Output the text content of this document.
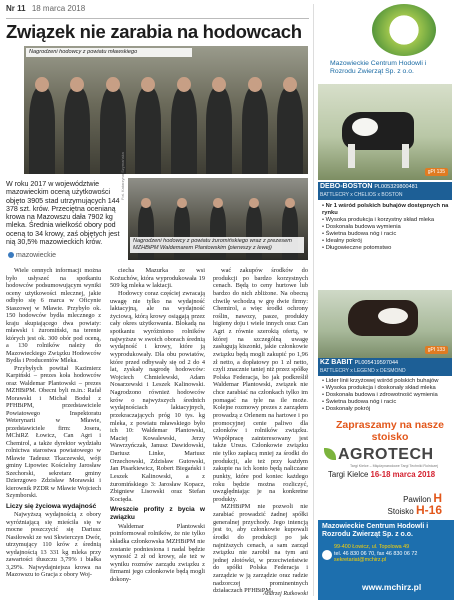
Nr 11 18 marca 2018
Związek nie zarabia na hodowcach
Nagrodzeni hodowcy z powiatu mławskiego
Nagrodzeni hodowcy z powiatu żuromińskiego wraz z prezesem MZHBiPM Waldemarem Plantowskim (pierwszy z lewej)
Fot. Katarzyna Szymańska
W roku 2017 w województwie mazowieckim oceną użytkowości objęto 3905 stad utrzymujących 144 378 szt. krów. Przeciętna ocenianą krowa na Mazowszu dała 7902 kg mleka. Średnia wielkość obory pod oceną to 34 krowy, zaś objętych jest nią 30,5% mazowieckich krów.
mazowieckie

Wiele cennych informacji można było usłyszeć na spotkaniu hodowców podsumowującym wyniki oceny użytkowości mlecznej, jakie odbyło się 6 marca w Oficynie Staszowej w Mławie. Przybyło ok. 150 hodowców bydła mlecznego z kraju skupiającego dwa powiaty: mławski i żuromiński, na terenie których jest ok. 300 obór pod oceną, a 130 rolników należy do Mazowieckiego Związku Hodowców Bydła i Producentów Mleka.

Przybyłych powitał Kazimierz Karpiński – prezes koła hodowców oraz Waldemar Plantowski – prezes MZHBiPM. Obecni byli m.in.: Rafał Morawski i Michał Boduł z PFHBiPM, przedstawiciele Powiatowego Inspektoratu Weterynarii w Mławie, przedstawiciele firm: Josera, MChiRZ Łowicz, Can Agri i Chemirol, a także dyrektor wydziału rolnictwa starostwa powiatowego w Mławie Tadeusz Tkaczewski, wójt gminy Lipowiec Kościelny Jarosław Szechorski, sekretarz gminy Dzierzgowo Zdzisław Morawski i kierownik PZDR w Mławie Wojciech Szymborski.

Liczy się życiowa wydajność

Najwyższą wydajnością z obory wyróżniającą się mieściła się w mocne poszczycić się Dariusz Nasiłowski ze wsi Skwierczyn Dwór, utrzymujący 110 krów z średnią wydajnością 13 331 kg mleka przy zawartości tłuszczu 3,79% i białka 3,29%. Najwydajniejsza krowa na Mazowszu to Gracja z obory Woj-

ciecha Mazurka ze wsi Kożuchów, która wyprodukowała 19 509 kg mleka w laktacji.

Hodowcy coraz częściej zwracają uwagę nie tylko na wydajność laktacyjną, ale na wydajność życiową, którą krowy osiągają przez cały okres użytkowania. Blokadą na spotkaniu wyróżniono rolników najwyższe w swoich oborach średnią wydajność i krowy, które ją wyprodukowały. Dla obu powiatów, które przed odbywały się od 2 do 4 lat, zyskały nagrodę hodowców: Wojciech Chmielewski, Adam Nosarzewski i Leszek Kalinowski. Nagrodzono również hodowców krów o najwyższych średnich wydajnościach laktacyjnych, przekraczających próg 10 tys. kg mleka, z powiatu mławskiego było ich 10: Waldemar Plantowski, Maciej Kowalewski, Jerzy Wawrzyńczak, Janusz Dawidowski, Dariusz Linke, Mariusz Orzechowski, Zdzisław Gutowski, Jan Pisarkiewicz, Robert Biegański i Leszek Kalinowski, a z żuromińskiego 3: Jarosław Kopacz, Zbigniew Lisowski oraz Stefan Kocięda.

Wreszcie profity z bycia w związku

Waldemar Plantowski poinformował rolników, że nie tylko składka członkowska MZHBiPM nie zostanie podniesiona i nadal będzie wynosić 2 zł od krowy, ale też w wyniku rozmów zarządu związku z firmami jego członkowie będą mogli dokony-

wać zakupów środków do produkcji po bardzo korzystnych cenach. Będą to ceny hurtowe lub bardzo do nich zbliżone. Na obecną chwilę wchodzą w grę dwie firmy: Chemirol, a więc środki ochrony roślin, nawozy, pasze, produkty higieny doju i wiele innych oraz Can Agri z równie szerokią ofertą, w której na szczególną uwagę zasługują kiszonki, jakie członkowie związku będą mogli zakupić po 1,96 zł netto, a dopłatowy po 1 zł netto, czyli znacznie taniej niż przez spółkę Polska Federacja, bo jak podkreślił Waldemar Plantowski, związek nie chce zarabiać na członkach tylko im pomagać na tyle na ile może. Kolejne rozmowy prezes z zarządem prowadzą z Orlenem na hartowe i po promocyjnej cenie paliwo dla członków i rolników związku. Współpracę zainteresowany jest także Ursus. Członkowie związku nie tylko zapłacą mniej za środki do produkcji, ale też przy każdym zakupie na ich konto będą naliczane punkty, które pod koniec każdego roku będzie można rozliczyć, uwzględniając je na konkretne produkty.

MZHBiPM nie pozwoli nie zarabiać prowadzić żadnej spółki generalnej przychody. Jego intencją jest to, aby członkowie kupowali środki do produkcji po jak najniższych cenach, a sam zarząd związku nie zarobił na tym ani jednej złotówki, w przeciwieństwie do spółki Polska Federacja i zarządzie w ją zarządzie oraz radzie nadzorczej prominentnych działaczach PFHBiPM.

Andrzej Rutkowski
Mazowieckie Centrum Hodowli i Rozrodu Zwierząt Sp. z o.o.
gPI 135
DEBO-BOSTON PL005329800481
BATTLECRY x CHELIOS x BOSTON
• Nr 1 wśród polskich buhajów dostępnych na rynku
• Wysoka produkcja i korzystny skład mleka
• Doskonała budowa wymienia
• Świetna budowa nóg i racic
• Idealny pokrój
• Długowieczne potomstwo
gPI 133
KZ BABIT PL005419597044
BATTLECRY x LEGEND x DESMOND
• Lider linii krzyżowej wśród polskich buhajów
• Wysoka produkcja i doskonały skład mleka
• Doskonała budowa i zdrowotność wymienia
• Świetna budowa nóg i racic
• Doskonały pokrój
Zapraszamy na nasze
stoisko
AGROTECH
Targi Kielce – Międzynarodowe Targi Techniki Rolniczej
Targi Kielce 16-18 marca 2018
Pawilon H
Stoisko H-16
Mazowieckie Centrum Hodowli i Rozrodu Zwierząt Sp. z o.o.
99-400 Łowicz, ul. Topolowa 49
tel. 46 830 06 70, fax 46 830 06 72
sekretariat@mchirz.pl
www.mchirz.pl
